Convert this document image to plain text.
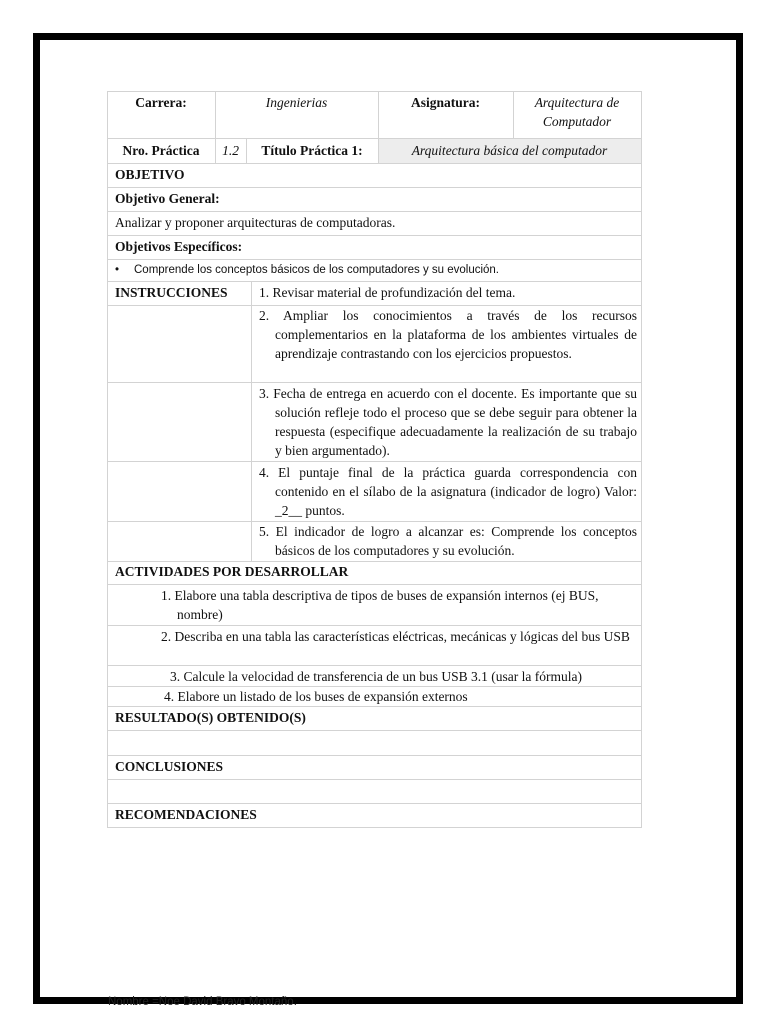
Carrera:	Ingenierias	Asignatura:	Arquitectura de Computador
Nro. Práctica	1.2	Título Práctica 1:	Arquitectura básica del computador
OBJETIVO
Objetivo General:
Analizar y proponer arquitecturas de computadoras.
Objetivos Específicos:
• Comprende los conceptos básicos de los computadores y su evolución.
INSTRUCCIONES	1. Revisar material de profundización del tema.
2. Ampliar los conocimientos a través de los recursos complementarios en la plataforma de los ambientes virtuales de aprendizaje contrastando con los ejercicios propuestos.
3. Fecha de entrega en acuerdo con el docente. Es importante que su solución refleje todo el proceso que se debe seguir para obtener la respuesta (especifique adecuadamente la realización de su trabajo y bien argumentado).
4. El puntaje final de la práctica guarda correspondencia con contenido en el sílabo de la asignatura (indicador de logro) Valor: _2__ puntos.
5. El indicador de logro a alcanzar es: Comprende los conceptos básicos de los computadores y su evolución.
ACTIVIDADES POR DESARROLLAR
1. Elabore una tabla descriptiva de tipos de buses de expansión internos (ej BUS, nombre)
2. Describa en una tabla las características eléctricas, mecánicas y lógicas del bus USB
3. Calcule la velocidad de transferencia de un bus USB 3.1 (usar la fórmula)
4. Elabore un listado de los buses de expansión externos
RESULTADO(S) OBTENIDO(S)
CONCLUSIONES
RECOMENDACIONES
Nombre =Noe David Bravo Montaño.
